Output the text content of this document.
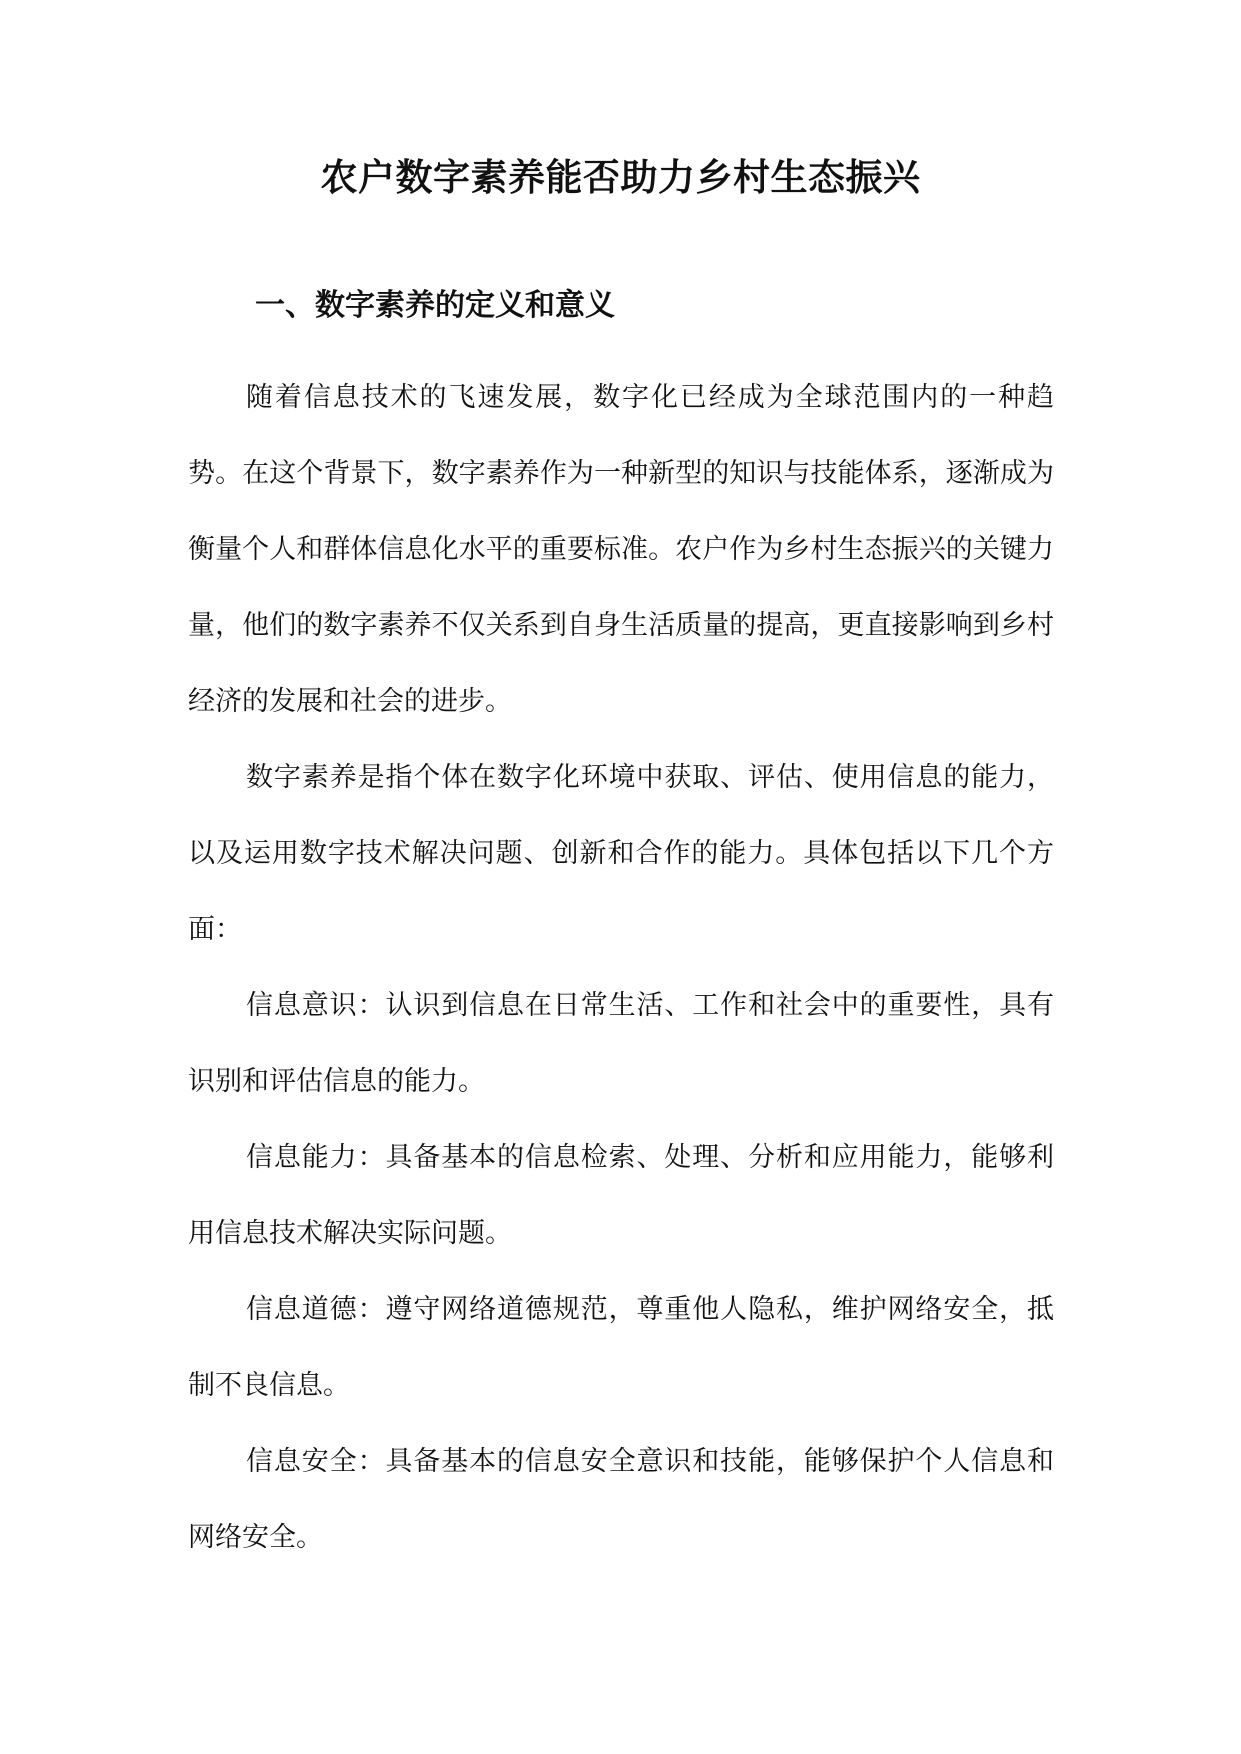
农户数字素养能否助力乡村生态振兴
一、数字素养的定义和意义

随着信息技术的飞速发展，数字化已经成为全球范围内的一种趋势。在这个背景下，数字素养作为一种新型的知识与技能体系，逐渐成为衡量个人和群体信息化水平的重要标准。农户作为乡村生态振兴的关键力量，他们的数字素养不仅关系到自身生活质量的提高，更直接影响到乡村经济的发展和社会的进步。

数字素养是指个体在数字化环境中获取、评估、使用信息的能力，以及运用数字技术解决问题、创新和合作的能力。具体包括以下几个方面：

信息意识：认识到信息在日常生活、工作和社会中的重要性，具有识别和评估信息的能力。

信息能力：具备基本的信息检索、处理、分析和应用能力，能够利用信息技术解决实际问题。

信息道德：遵守网络道德规范，尊重他人隐私，维护网络安全，抵制不良信息。

信息安全：具备基本的信息安全意识和技能，能够保护个人信息和网络安全。
